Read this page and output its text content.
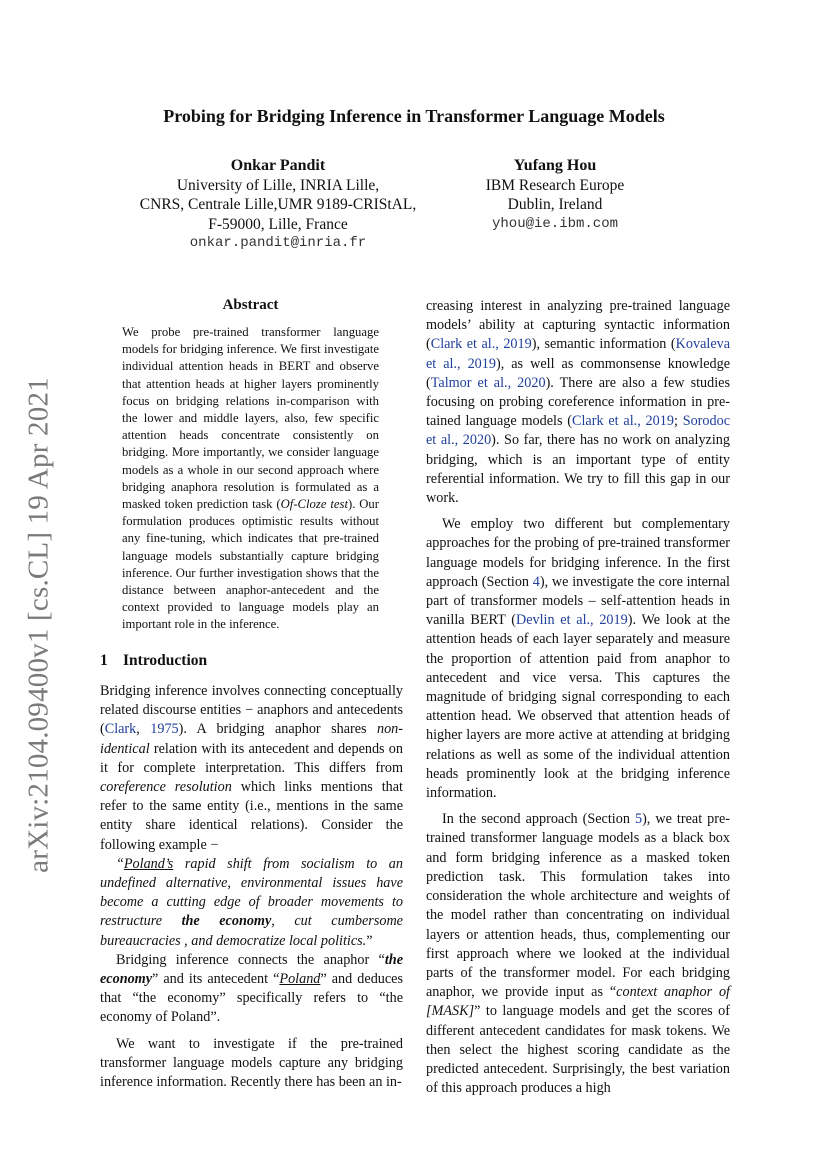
arXiv:2104.09400v1 [cs.CL] 19 Apr 2021
Probing for Bridging Inference in Transformer Language Models
Onkar Pandit
University of Lille, INRIA Lille,
CNRS, Centrale Lille,UMR 9189-CRIStAL,
F-59000, Lille, France
onkar.pandit@inria.fr
Yufang Hou
IBM Research Europe
Dublin, Ireland
yhou@ie.ibm.com
Abstract

We probe pre-trained transformer language models for bridging inference. We first investigate individual attention heads in BERT and observe that attention heads at higher layers prominently focus on bridging relations in-comparison with the lower and middle layers, also, few specific attention heads concentrate consistently on bridging. More importantly, we consider language models as a whole in our second approach where bridging anaphora resolution is formulated as a masked token prediction task (Of-Cloze test). Our formulation produces optimistic results without any fine-tuning, which indicates that pre-trained language models substantially capture bridging inference. Our further investigation shows that the distance between anaphor-antecedent and the context provided to language models play an important role in the inference.

1 Introduction

Bridging inference involves connecting conceptually related discourse entities − anaphors and antecedents (Clark, 1975). A bridging anaphor shares non-identical relation with its antecedent and depends on it for complete interpretation. This differs from coreference resolution which links mentions that refer to the same entity (i.e., mentions in the same entity share identical relations). Consider the following example −

“Poland’s rapid shift from socialism to an undefined alternative, environmental issues have become a cutting edge of broader movements to restructure the economy, cut cumbersome bureaucracies , and democratize local politics.”

Bridging inference connects the anaphor “the economy” and its antecedent “Poland” and deduces that “the economy” specifically refers to “the economy of Poland”.

We want to investigate if the pre-trained transformer language models capture any bridging inference information. Recently there has been an in-

creasing interest in analyzing pre-trained language models’ ability at capturing syntactic information (Clark et al., 2019), semantic information (Kovaleva et al., 2019), as well as commonsense knowledge (Talmor et al., 2020). There are also a few studies focusing on probing coreference information in pre-tained language models (Clark et al., 2019; Sorodoc et al., 2020). So far, there has no work on analyzing bridging, which is an important type of entity referential information. We try to fill this gap in our work.

We employ two different but complementary approaches for the probing of pre-trained transformer language models for bridging inference. In the first approach (Section 4), we investigate the core internal part of transformer models – self-attention heads in vanilla BERT (Devlin et al., 2019). We look at the attention heads of each layer separately and measure the proportion of attention paid from anaphor to antecedent and vice versa. This captures the magnitude of bridging signal corresponding to each attention head. We observed that attention heads of higher layers are more active at attending at bridging relations as well as some of the individual attention heads prominently look at the bridging inference information.

In the second approach (Section 5), we treat pre-trained transformer language models as a black box and form bridging inference as a masked token prediction task. This formulation takes into consideration the whole architecture and weights of the model rather than concentrating on individual layers or attention heads, thus, complementing our first approach where we looked at the individual parts of the transformer model. For each bridging anaphor, we provide input as “context anaphor of [MASK]” to language models and get the scores of different antecedent candidates for mask tokens. We then select the highest scoring candidate as the predicted antecedent. Surprisingly, the best variation of this approach produces a high
